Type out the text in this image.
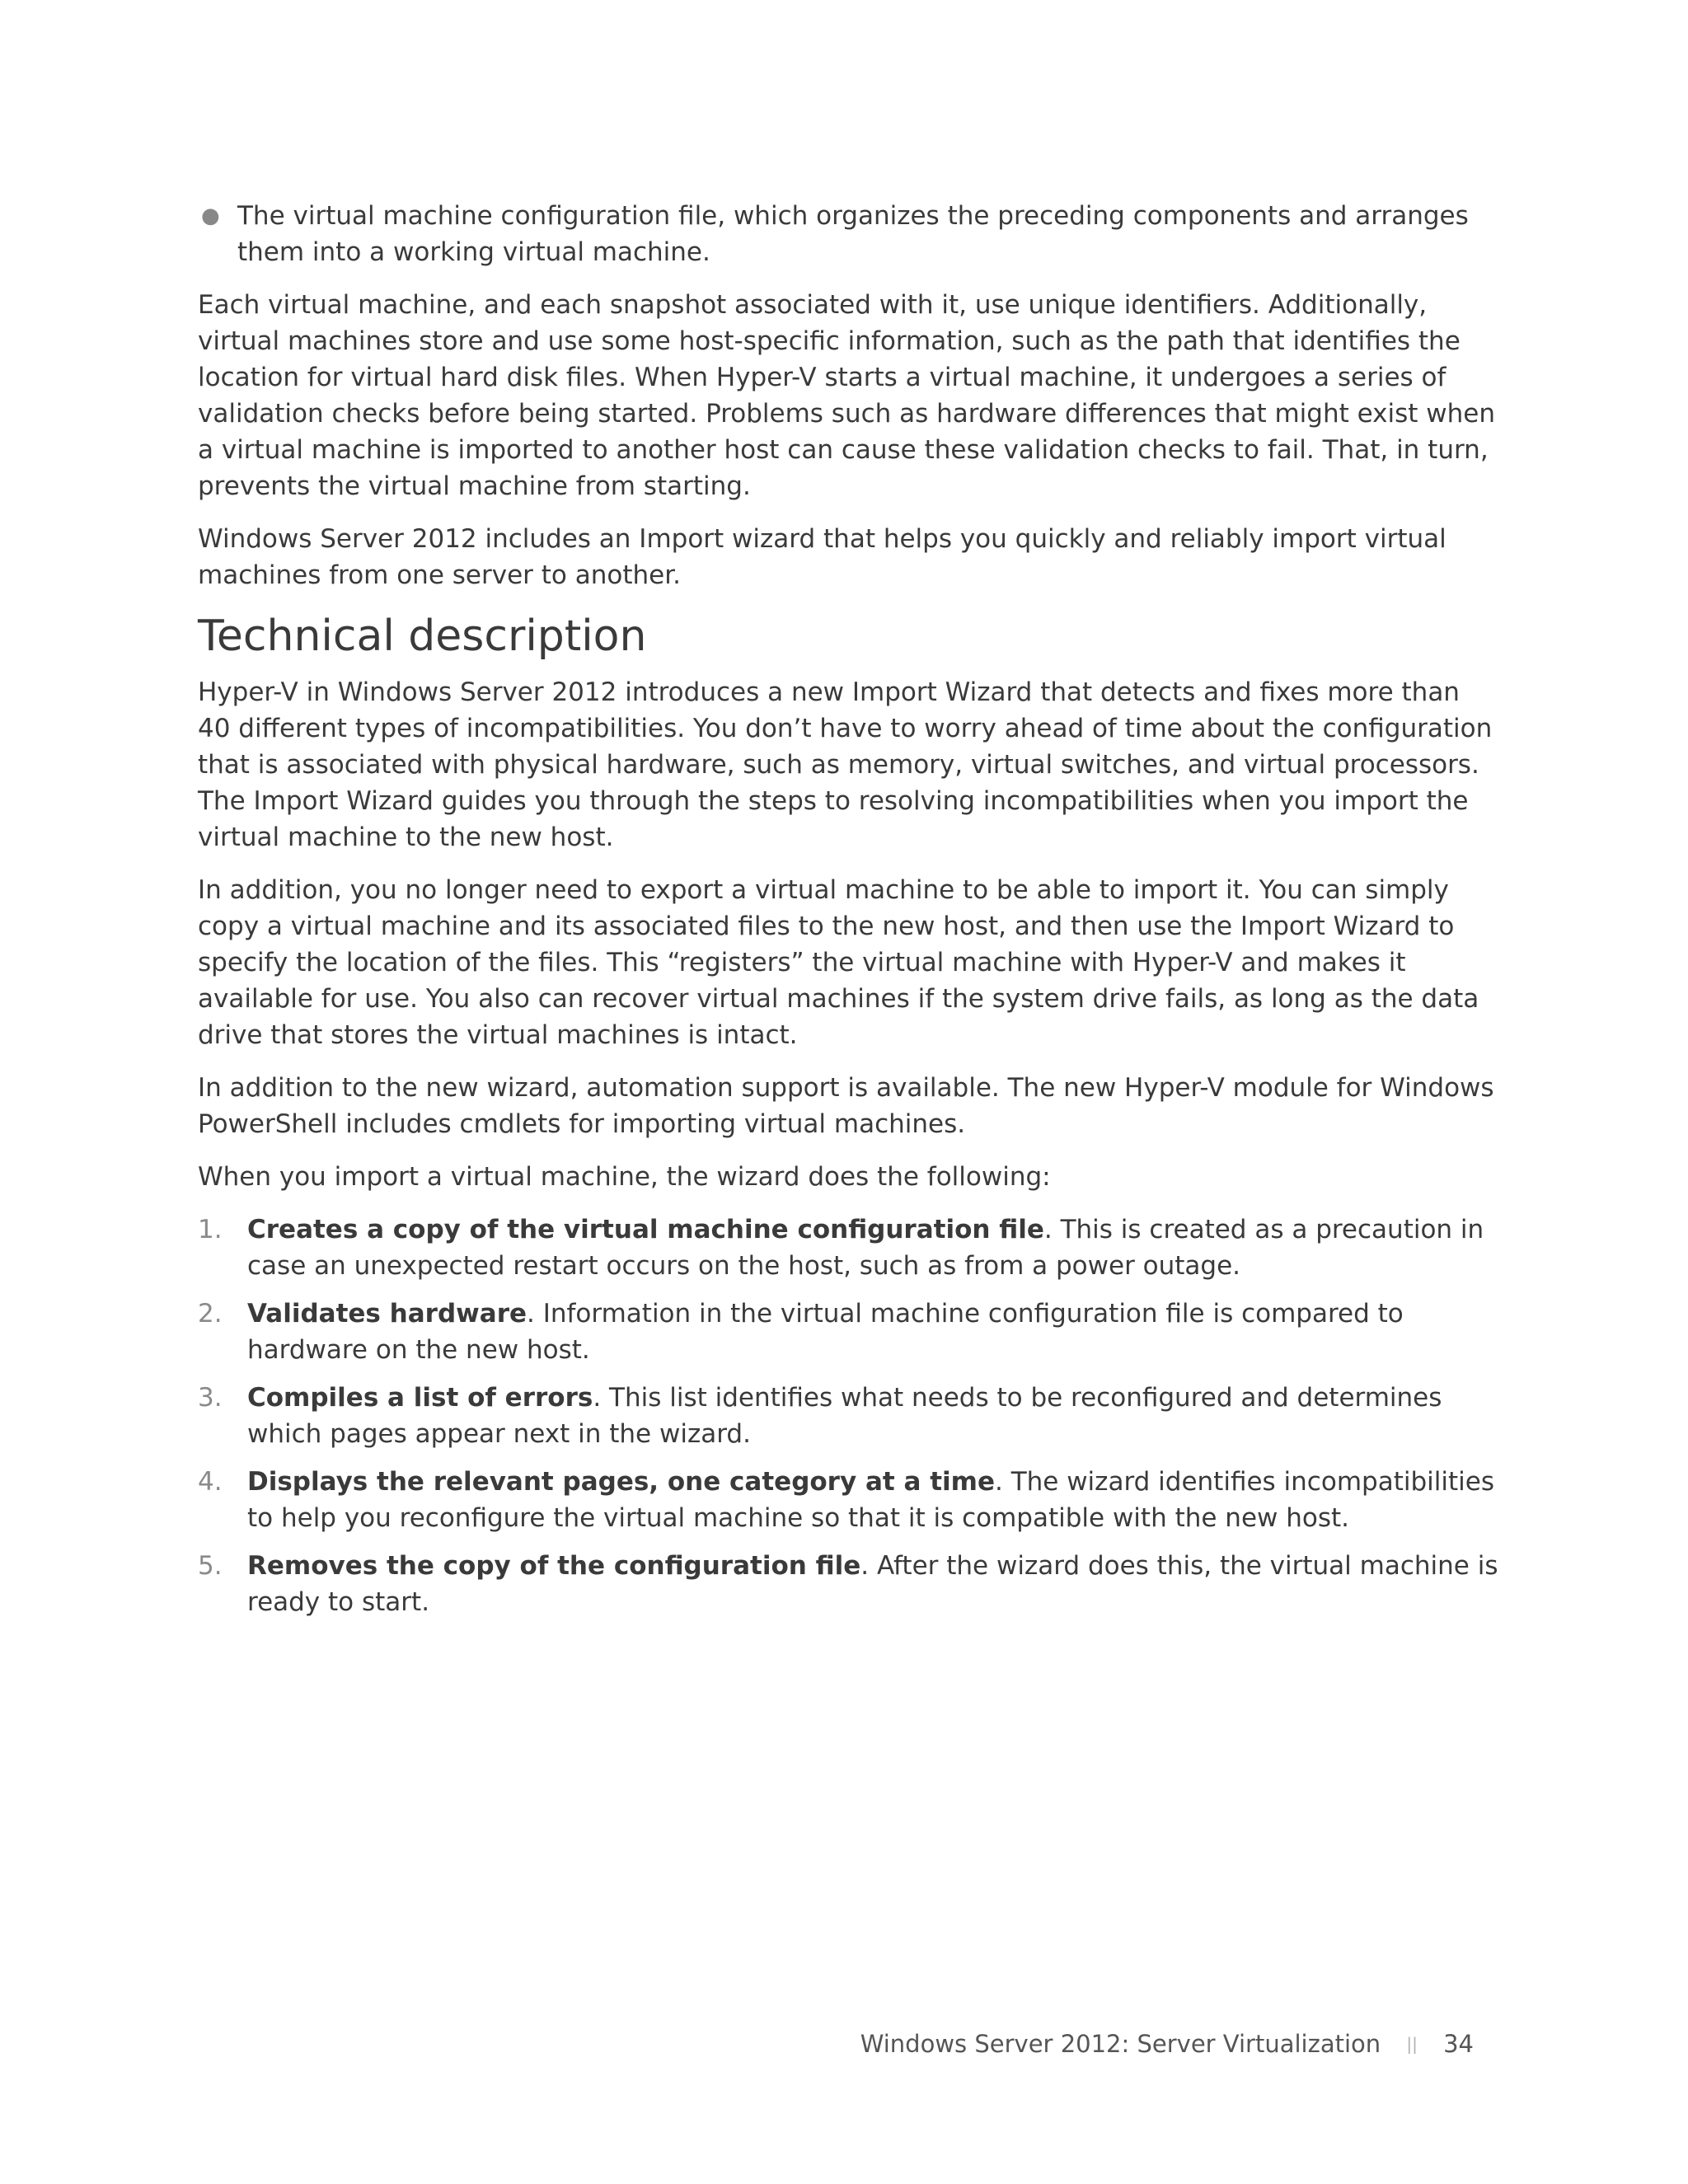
● The virtual machine configuration file, which organizes the preceding components and arranges them into a working virtual machine.

Each virtual machine, and each snapshot associated with it, use unique identifiers. Additionally, virtual machines store and use some host-specific information, such as the path that identifies the location for virtual hard disk files. When Hyper-V starts a virtual machine, it undergoes a series of validation checks before being started. Problems such as hardware differences that might exist when a virtual machine is imported to another host can cause these validation checks to fail. That, in turn, prevents the virtual machine from starting.

Windows Server 2012 includes an Import wizard that helps you quickly and reliably import virtual machines from one server to another.

Technical description

Hyper-V in Windows Server 2012 introduces a new Import Wizard that detects and fixes more than 40 different types of incompatibilities. You don’t have to worry ahead of time about the configuration that is associated with physical hardware, such as memory, virtual switches, and virtual processors. The Import Wizard guides you through the steps to resolving incompatibilities when you import the virtual machine to the new host.

In addition, you no longer need to export a virtual machine to be able to import it. You can simply copy a virtual machine and its associated files to the new host, and then use the Import Wizard to specify the location of the files. This “registers” the virtual machine with Hyper-V and makes it available for use. You also can recover virtual machines if the system drive fails, as long as the data drive that stores the virtual machines is intact.

In addition to the new wizard, automation support is available. The new Hyper-V module for Windows PowerShell includes cmdlets for importing virtual machines.

When you import a virtual machine, the wizard does the following:

1. Creates a copy of the virtual machine configuration file. This is created as a precaution in case an unexpected restart occurs on the host, such as from a power outage.
2. Validates hardware. Information in the virtual machine configuration file is compared to hardware on the new host.
3. Compiles a list of errors. This list identifies what needs to be reconfigured and determines which pages appear next in the wizard.
4. Displays the relevant pages, one category at a time. The wizard identifies incompatibilities to help you reconfigure the virtual machine so that it is compatible with the new host.
5. Removes the copy of the configuration file. After the wizard does this, the virtual machine is ready to start.
Windows Server 2012: Server Virtualization || 34
